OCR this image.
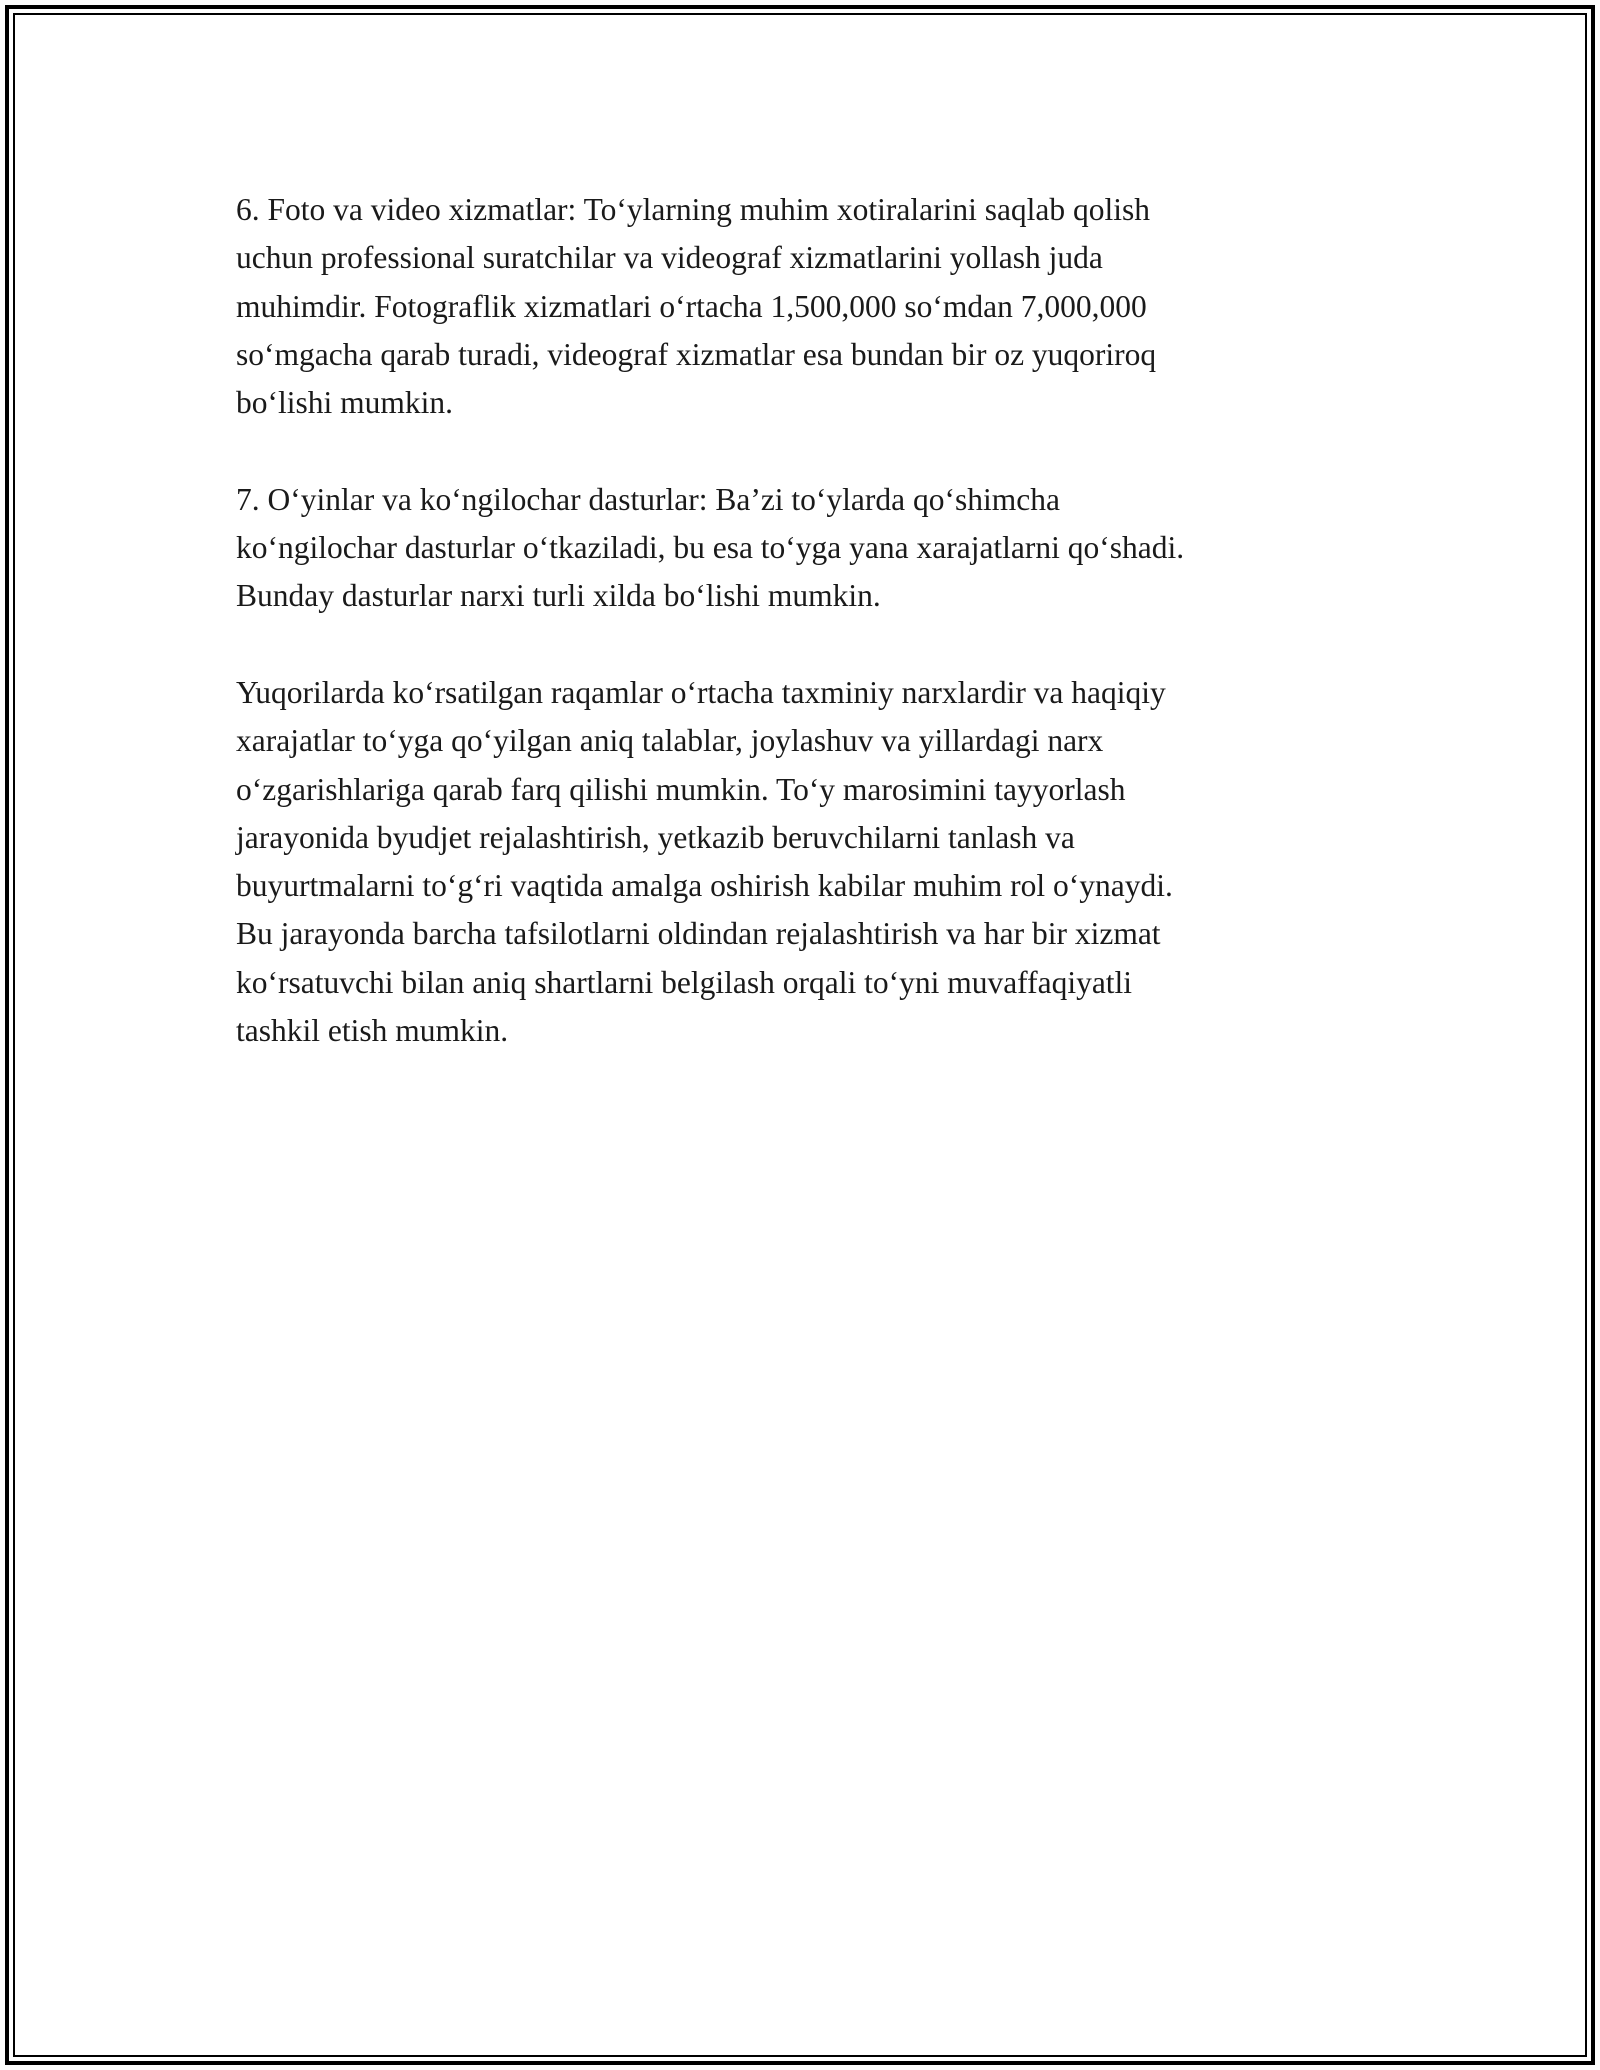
6. Foto va video xizmatlar: To‘ylarning muhim xotiralarini saqlab qolish
uchun professional suratchilar va videograf xizmatlarini yollash juda
muhimdir. Fotograflik xizmatlari o‘rtacha 1,500,000 so‘mdan 7,000,000
so‘mgacha qarab turadi, videograf xizmatlar esa bundan bir oz yuqoriroq
bo‘lishi mumkin.

7. O‘yinlar va ko‘ngilochar dasturlar: Ba’zi to‘ylarda qo‘shimcha
ko‘ngilochar dasturlar o‘tkaziladi, bu esa to‘yga yana xarajatlarni qo‘shadi.
Bunday dasturlar narxi turli xilda bo‘lishi mumkin.

Yuqorilarda ko‘rsatilgan raqamlar o‘rtacha taxminiy narxlardir va haqiqiy
xarajatlar to‘yga qo‘yilgan aniq talablar, joylashuv va yillardagi narx
o‘zgarishlariga qarab farq qilishi mumkin. To‘y marosimini tayyorlash
jarayonida byudjet rejalashtirish, yetkazib beruvchilarni tanlash va
buyurtmalarni to‘g‘ri vaqtida amalga oshirish kabilar muhim rol o‘ynaydi.
Bu jarayonda barcha tafsilotlarni oldindan rejalashtirish va har bir xizmat
ko‘rsatuvchi bilan aniq shartlarni belgilash orqali to‘yni muvaffaqiyatli
tashkil etish mumkin.
